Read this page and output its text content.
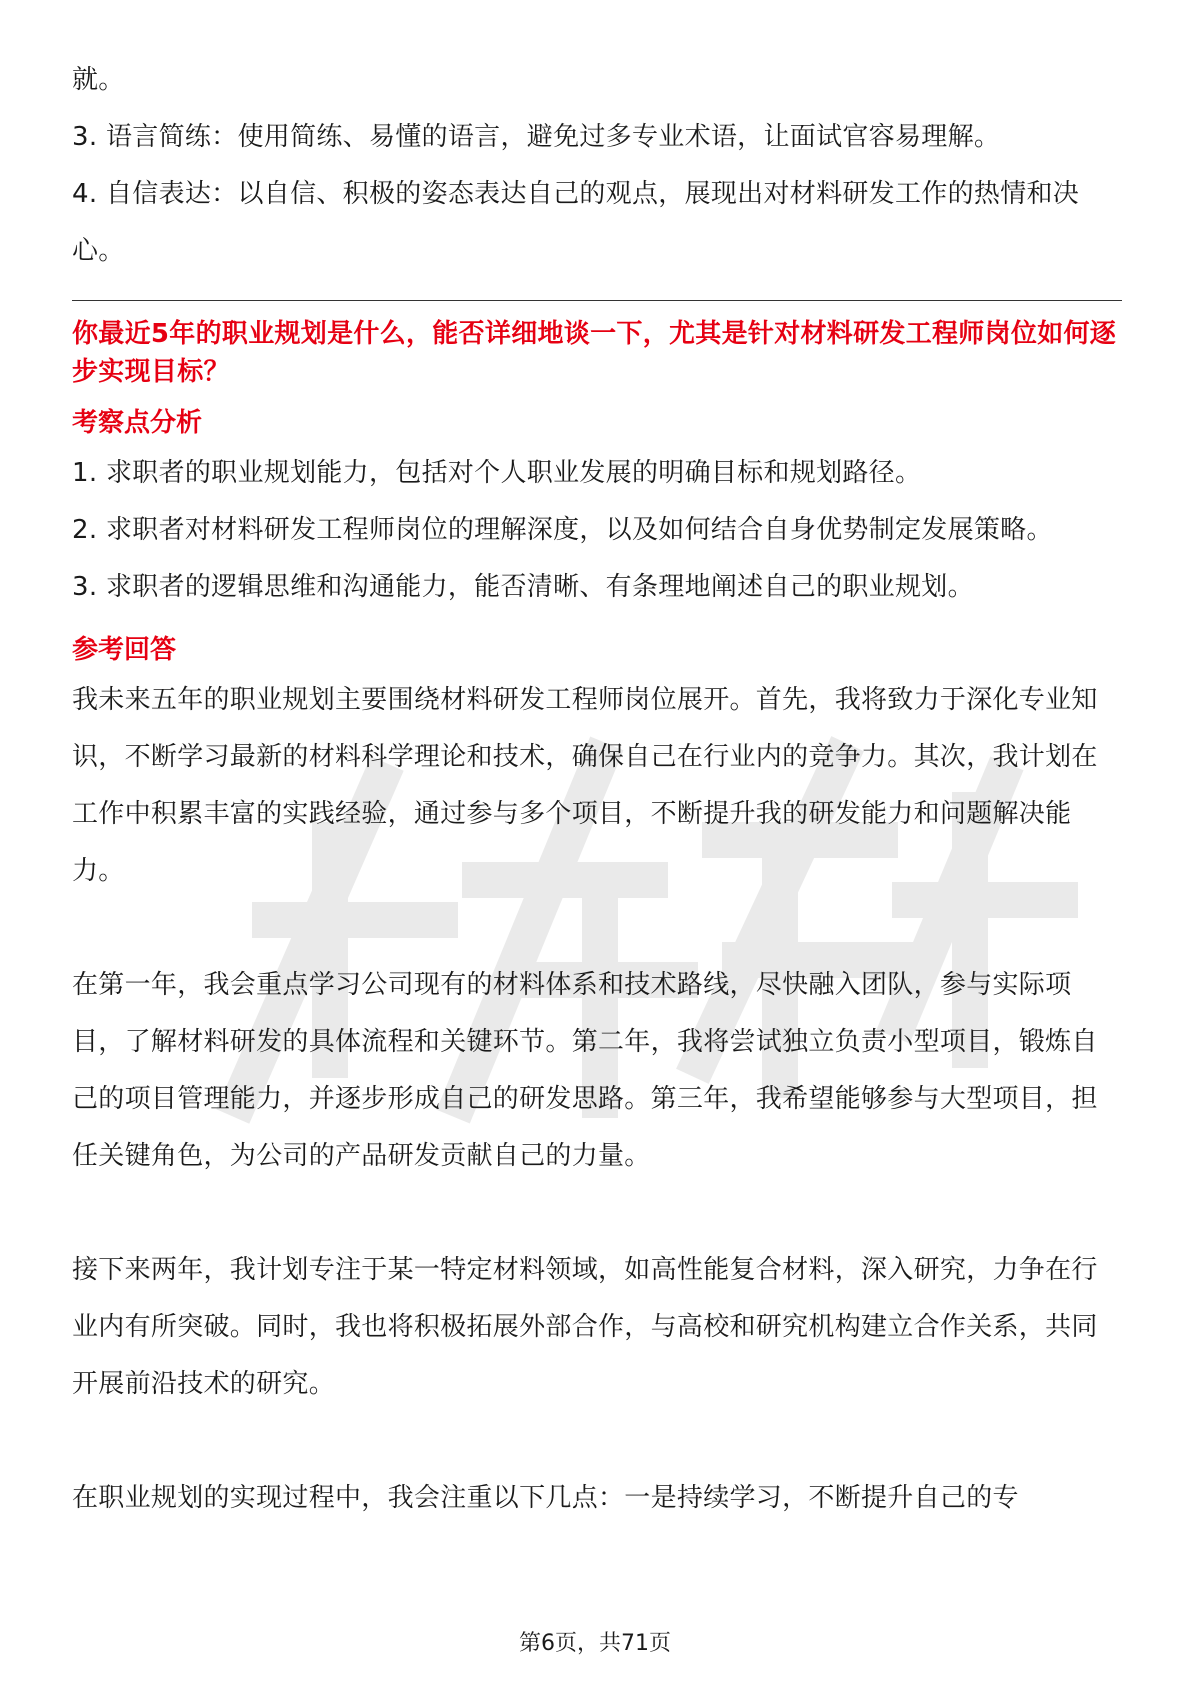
就。

3. 语言简练：使用简练、易懂的语言，避免过多专业术语，让面试官容易理解。

4. 自信表达：以自信、积极的姿态表达自己的观点，展现出对材料研发工作的热情和决心。

你最近5年的职业规划是什么，能否详细地谈一下，尤其是针对材料研发工程师岗位如何逐步实现目标？

考察点分析

1. 求职者的职业规划能力，包括对个人职业发展的明确目标和规划路径。

2. 求职者对材料研发工程师岗位的理解深度，以及如何结合自身优势制定发展策略。

3. 求职者的逻辑思维和沟通能力，能否清晰、有条理地阐述自己的职业规划。

参考回答

我未来五年的职业规划主要围绕材料研发工程师岗位展开。首先，我将致力于深化专业知识，不断学习最新的材料科学理论和技术，确保自己在行业内的竞争力。其次，我计划在工作中积累丰富的实践经验，通过参与多个项目，不断提升我的研发能力和问题解决能力。

在第一年，我会重点学习公司现有的材料体系和技术路线，尽快融入团队，参与实际项目，了解材料研发的具体流程和关键环节。第二年，我将尝试独立负责小型项目，锻炼自己的项目管理能力，并逐步形成自己的研发思路。第三年，我希望能够参与大型项目，担任关键角色，为公司的产品研发贡献自己的力量。

接下来两年，我计划专注于某一特定材料领域，如高性能复合材料，深入研究，力争在行业内有所突破。同时，我也将积极拓展外部合作，与高校和研究机构建立合作关系，共同开展前沿技术的研究。

在职业规划的实现过程中，我会注重以下几点：一是持续学习，不断提升自己的专

第6页，共71页
